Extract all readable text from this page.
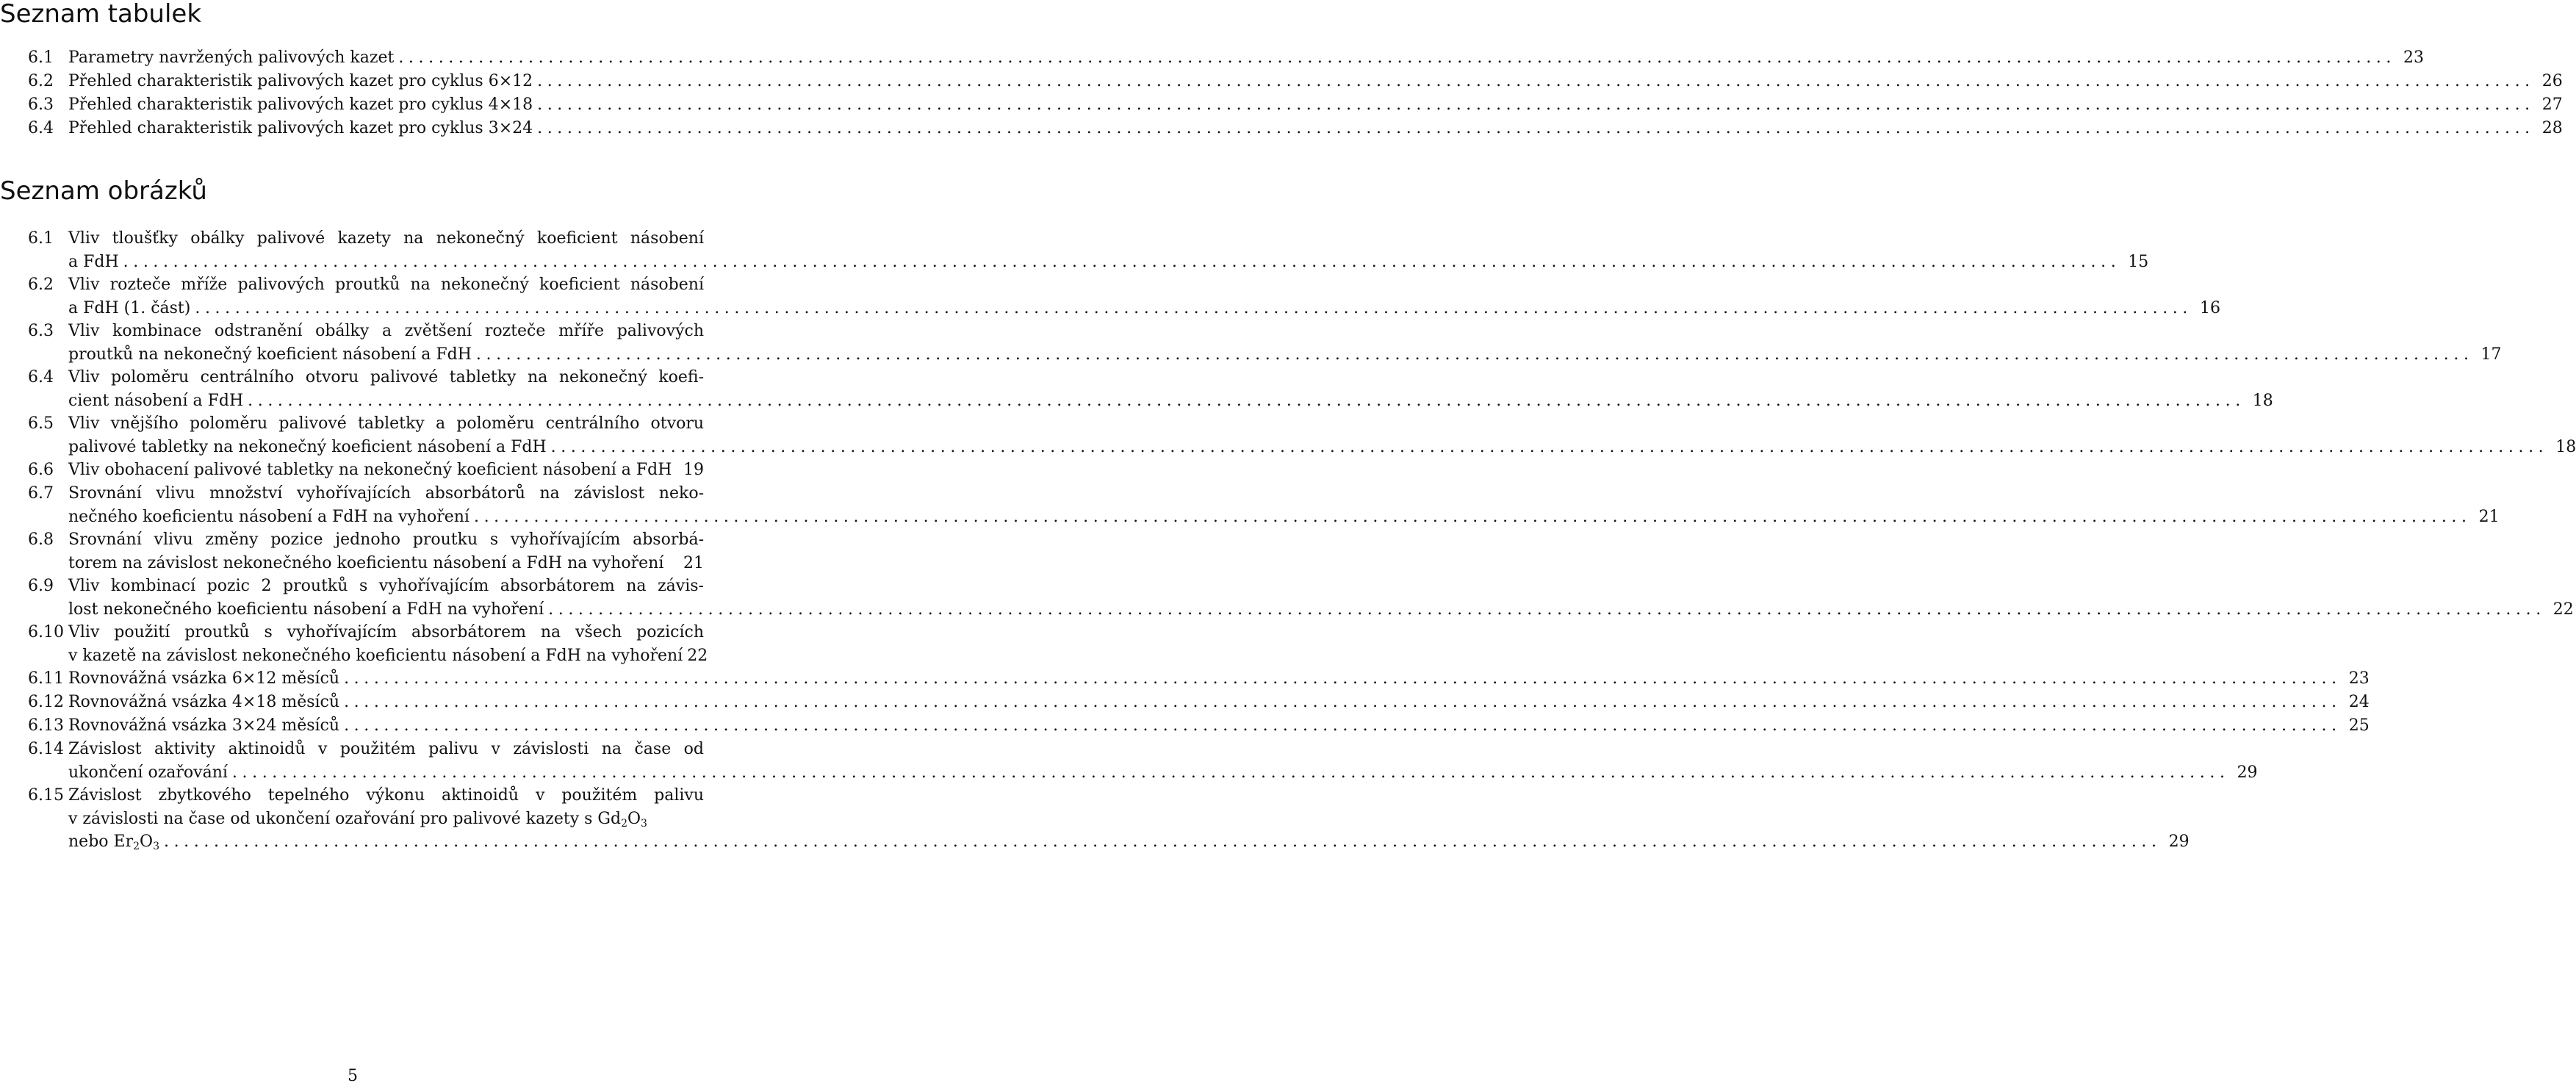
Seznam tabulek
6.1 Parametry navržených palivových kazet ........................................................................................................................................................................................................ 23
6.2 Přehled charakteristik palivových kazet pro cyklus 6×12 ........................................................................................................................................................................................................ 26
6.3 Přehled charakteristik palivových kazet pro cyklus 4×18 ........................................................................................................................................................................................................ 27
6.4 Přehled charakteristik palivových kazet pro cyklus 3×24 ........................................................................................................................................................................................................ 28
Seznam obrázků
6.1 Vliv tloušťky obálky palivové kazety na nekonečný koeficient násobení
a FdH ........................................................................................................................................................................................................ 15
6.2 Vliv rozteče mříže palivových proutků na nekonečný koeficient násobení
a FdH (1. část) ........................................................................................................................................................................................................ 16
6.3 Vliv kombinace odstranění obálky a zvětšení rozteče mříře palivových
proutků na nekonečný koeficient násobení a FdH ........................................................................................................................................................................................................ 17
6.4 Vliv poloměru centrálního otvoru palivové tabletky na nekonečný koefi-
cient násobení a FdH ........................................................................................................................................................................................................ 18
6.5 Vliv vnějšího poloměru palivové tabletky a poloměru centrálního otvoru
palivové tabletky na nekonečný koeficient násobení a FdH ........................................................................................................................................................................................................ 18
6.6 Vliv obohacení palivové tabletky na nekonečný koeficient násobení a FdH 19
6.7 Srovnání vlivu množství vyhořívajících absorbátorů na závislost neko-
nečného koeficientu násobení a FdH na vyhoření ........................................................................................................................................................................................................ 21
6.8 Srovnání vlivu změny pozice jednoho proutku s vyhořívajícím absorbá-
torem na závislost nekonečného koeficientu násobení a FdH na vyhoření	21
6.9 Vliv kombinací pozic 2 proutků s vyhořívajícím absorbátorem na závis-
lost nekonečného koeficientu násobení a FdH na vyhoření ........................................................................................................................................................................................................ 22
6.10 Vliv použití proutků s vyhořívajícím absorbátorem na všech pozicích
v kazetě na závislost nekonečného koeficientu násobení a FdH na vyhoření 22
6.11 Rovnovážná vsázka 6×12 měsíců ........................................................................................................................................................................................................ 23
6.12 Rovnovážná vsázka 4×18 měsíců ........................................................................................................................................................................................................ 24
6.13 Rovnovážná vsázka 3×24 měsíců ........................................................................................................................................................................................................ 25
6.14 Závislost aktivity aktinoidů v použitém palivu v závislosti na čase od
ukončení ozařování ........................................................................................................................................................................................................ 29
6.15 Závislost zbytkového tepelného výkonu aktinoidů v použitém palivu
v závislosti na čase od ukončení ozařování pro palivové kazety s $Gd_2O_3$
nebo $Er_2O_3$ ........................................................................................................................................................................................................ 29
5
